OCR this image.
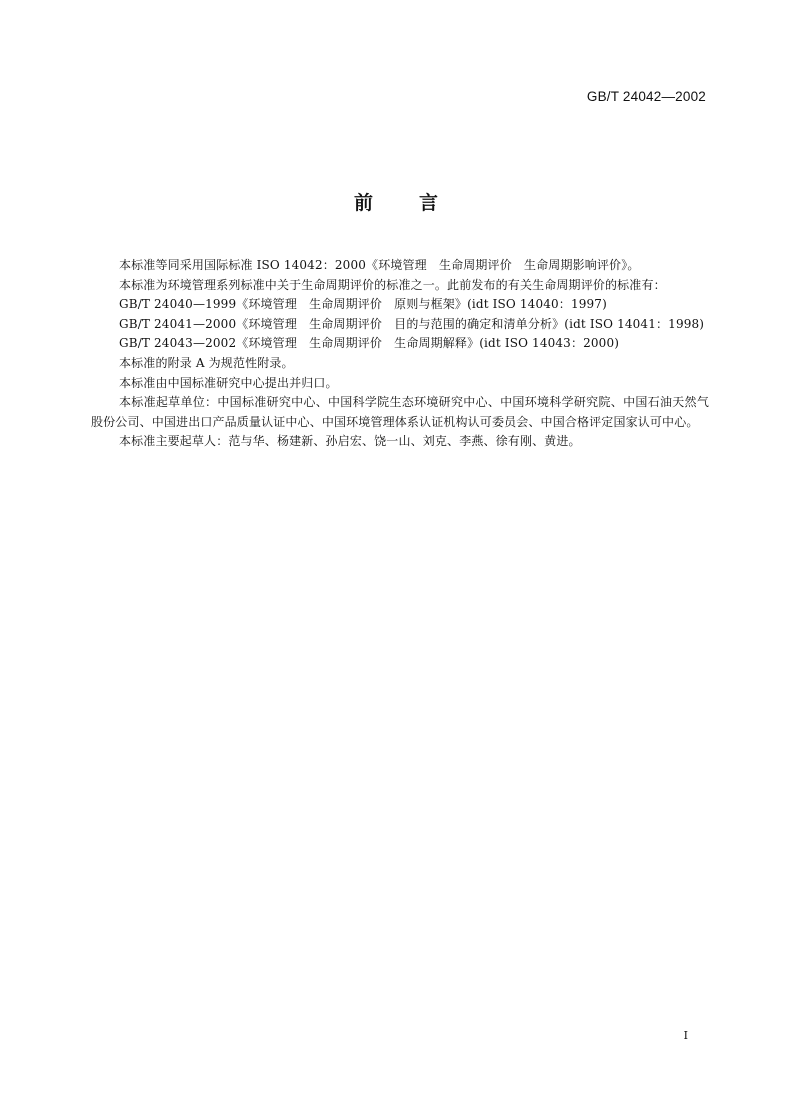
GB/T 24042—2002
前 言

本标准等同采用国际标准 ISO 14042：2000《环境管理　生命周期评价　生命周期影响评价》。

本标准为环境管理系列标准中关于生命周期评价的标准之一。此前发布的有关生命周期评价的标准有：

GB/T 24040—1999《环境管理　生命周期评价　原则与框架》(idt ISO 14040：1997)

GB/T 24041—2000《环境管理　生命周期评价　目的与范围的确定和清单分析》(idt ISO 14041：1998)

GB/T 24043—2002《环境管理　生命周期评价　生命周期解释》(idt ISO 14043：2000)

本标准的附录 A 为规范性附录。

本标准由中国标准研究中心提出并归口。

本标准起草单位：中国标准研究中心、中国科学院生态环境研究中心、中国环境科学研究院、中国石油天然气股份公司、中国进出口产品质量认证中心、中国环境管理体系认证机构认可委员会、中国合格评定国家认可中心。

本标准主要起草人：范与华、杨建新、孙启宏、饶一山、刘克、李燕、徐有刚、黄进。

I
